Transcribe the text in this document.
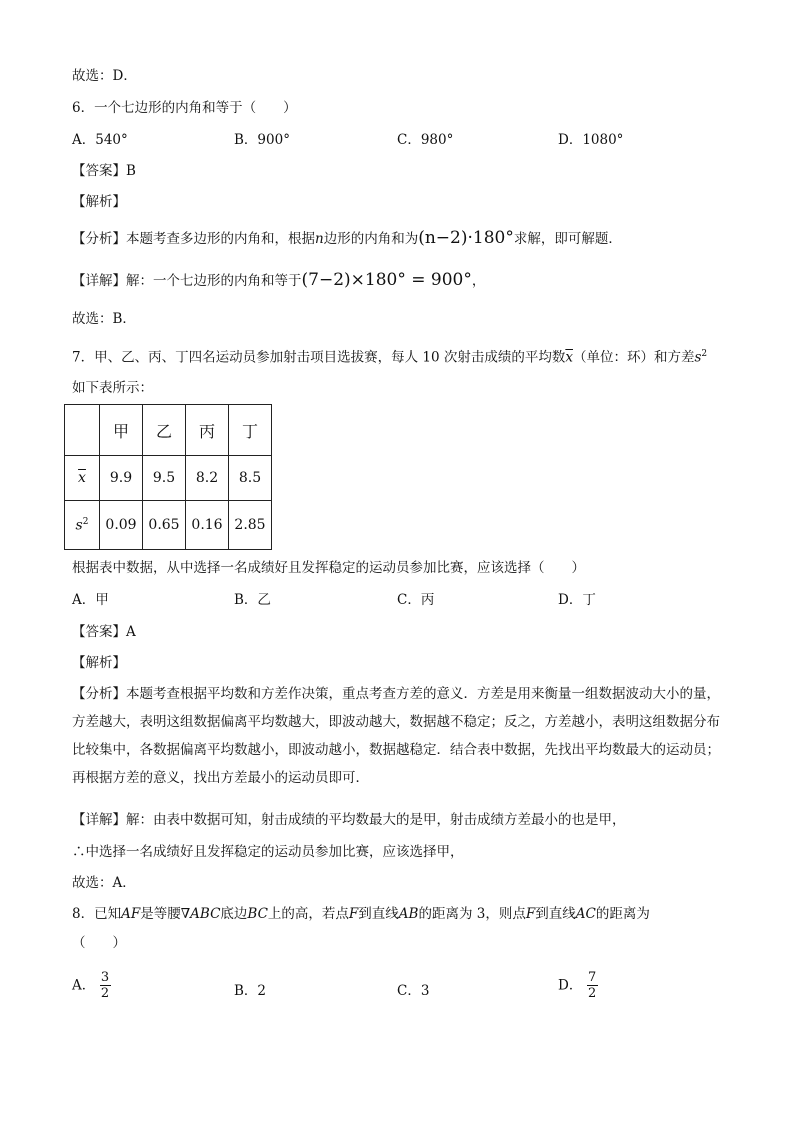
故选：D．
6．一个七边形的内角和等于（　　）
A．540°	B．900°	C．980°	D．1080°
【答案】B
【解析】
【分析】本题考查多边形的内角和，根据n边形的内角和为(n−2)·180°求解，即可解题．
【详解】解：一个七边形的内角和等于(7−2)×180° = 900°，
故选：B．
7．甲、乙、丙、丁四名运动员参加射击项目选拔赛，每人 10 次射击成绩的平均数$\overline{x}$（单位：环）和方差$s^2$
如下表所示：
	甲	乙	丙	丁
$\overline{x}$	9.9	9.5	8.2	8.5
$s^2$	0.09	0.65	0.16	2.85
根据表中数据，从中选择一名成绩好且发挥稳定的运动员参加比赛，应该选择（　　）
A．甲	B．乙	C．丙	D．丁
【答案】A
【解析】
【分析】本题考查根据平均数和方差作决策，重点考查方差的意义．方差是用来衡量一组数据波动大小的量，方差越大，表明这组数据偏离平均数越大，即波动越大，数据越不稳定；反之，方差越小，表明这组数据分布比较集中，各数据偏离平均数越小，即波动越小，数据越稳定．结合表中数据，先找出平均数最大的运动员；再根据方差的意义，找出方差最小的运动员即可．
【详解】解：由表中数据可知，射击成绩的平均数最大的是甲，射击成绩方差最小的也是甲，
∴中选择一名成绩好且发挥稳定的运动员参加比赛，应该选择甲，
故选：A．
8．已知AF是等腰∇ABC底边BC上的高，若点F到直线AB的距离为 3，则点F到直线AC的距离为
（　　）
A． $\frac{3}{2}$	B．2	C．3	D． $\frac{7}{2}$
